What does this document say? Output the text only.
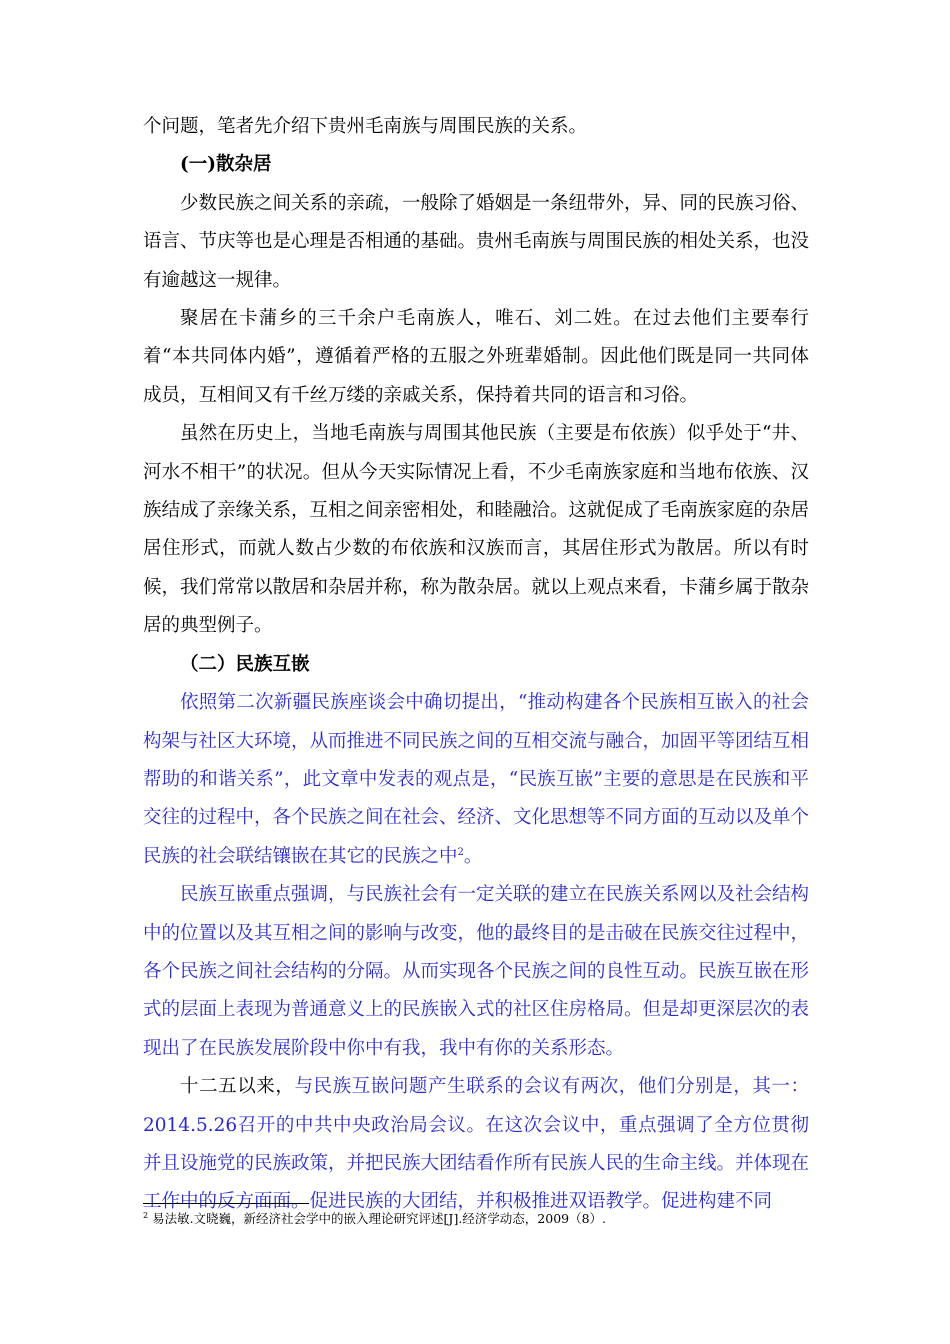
个问题，笔者先介绍下贵州毛南族与周围民族的关系。

(一)散杂居

少数民族之间关系的亲疏，一般除了婚姻是一条纽带外，异、同的民族习俗、语言、节庆等也是心理是否相通的基础。贵州毛南族与周围民族的相处关系，也没有逾越这一规律。

聚居在卡蒲乡的三千余户毛南族人，唯石、刘二姓。在过去他们主要奉行着“本共同体内婚”，遵循着严格的五服之外班辈婚制。因此他们既是同一共同体成员，互相间又有千丝万缕的亲戚关系，保持着共同的语言和习俗。

虽然在历史上，当地毛南族与周围其他民族（主要是布依族）似乎处于“井、河水不相干”的状况。但从今天实际情况上看，不少毛南族家庭和当地布依族、汉族结成了亲缘关系，互相之间亲密相处，和睦融洽。这就促成了毛南族家庭的杂居居住形式，而就人数占少数的布依族和汉族而言，其居住形式为散居。所以有时候，我们常常以散居和杂居并称，称为散杂居。就以上观点来看，卡蒲乡属于散杂居的典型例子。

（二）民族互嵌

依照第二次新疆民族座谈会中确切提出，“推动构建各个民族相互嵌入的社会构架与社区大环境，从而推进不同民族之间的互相交流与融合，加固平等团结互相帮助的和谐关系”，此文章中发表的观点是，“民族互嵌”主要的意思是在民族和平交往的过程中，各个民族之间在社会、经济、文化思想等不同方面的互动以及单个民族的社会联结镶嵌在其它的民族之中$^2$。

民族互嵌重点强调，与民族社会有一定关联的建立在民族关系网以及社会结构中的位置以及其互相之间的影响与改变，他的最终目的是击破在民族交往过程中，各个民族之间社会结构的分隔。从而实现各个民族之间的良性互动。民族互嵌在形式的层面上表现为普通意义上的民族嵌入式的社区住房格局。但是却更深层次的表现出了在民族发展阶段中你中有我，我中有你的关系形态。

十二五以来，与民族互嵌问题产生联系的会议有两次，他们分别是，其一：2014.5.26召开的中共中央政治局会议。在这次会议中，重点强调了全方位贯彻并且设施党的民族政策，并把民族大团结看作所有民族人民的生命主线。并体现在工作中的反方面面。促进民族的大团结，并积极推进双语教学。促进构建不同

$^2$ 易法敏.文晓巍，新经济社会学中的嵌入理论研究评述[J].经济学动态，2009（8）.
